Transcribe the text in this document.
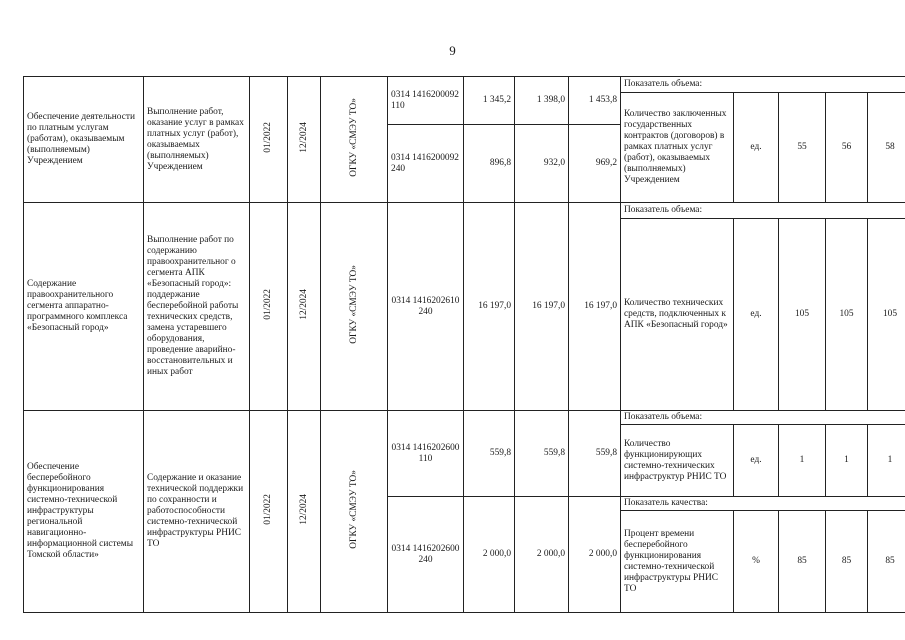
9
Обеспечение деятельности по платным услугам (работам), оказываемым (выполняемым) Учреждением	Выполнение работ, оказание услуг в рамках платных услуг (работ), оказываемых (выполняемых) Учреждением	01/2022	12/2024	ОГКУ «СМЭУ ТО»	0314 1416200092 110	1 345,2	1 398,0	1 453,8	Показатель объема:				
									Количество заключенных государственных контрактов (договоров) в рамках платных услуг (работ), оказываемых (выполняемых) Учреждением	ед.	55	56	58
					0314 1416200092 240	896,8	932,0	969,2					
Содержание правоохранительного сегмента аппаратно-программного комплекса «Безопасный город»	Выполнение работ по содержанию правоохранительног о сегмента АПК «Безопасный город»: поддержание бесперебойной работы технических средств, замена устаревшего оборудования, проведение аварийно-восстановительных и иных работ	01/2022	12/2024	ОГКУ «СМЭУ ТО»	0314 1416202610 240	16 197,0	16 197,0	16 197,0	Показатель объема:				
									Количество технических средств, подключенных к АПК «Безопасный город»	ед.	105	105	105
Обеспечение бесперебойного функционирования системно-технической инфраструктуры региональной навигационно-информационной системы Томской области»	Содержание и оказание технической поддержки по сохранности и работоспособности системно-технической инфраструктуры РНИС ТО	01/2022	12/2024	ОГКУ «СМЭУ ТО»	0314 1416202600 110	559,8	559,8	559,8	Показатель объема:				
									Количество функционирующих системно-технических инфраструктур РНИС ТО	ед.	1	1	1
					0314 1416202600 240	2 000,0	2 000,0	2 000,0	Показатель качества:				
									Процент времени бесперебойного функционирования системно-технической инфраструктуры РНИС ТО	%	85	85	85
